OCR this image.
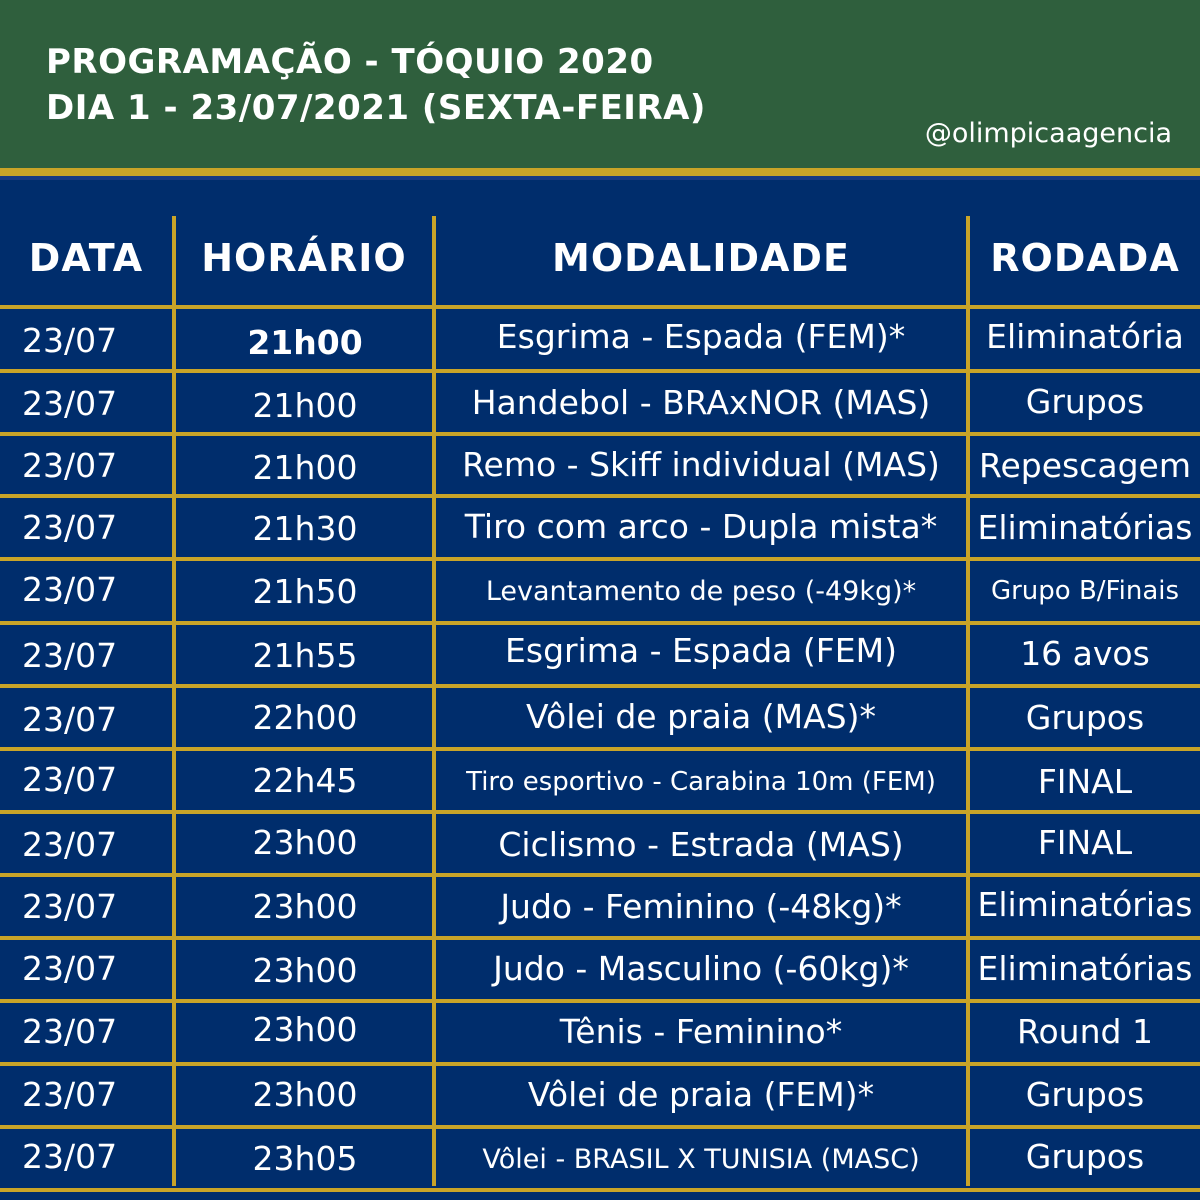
PROGRAMAÇÃO - TÓQUIO 2020
DIA 1 - 23/07/2021 (SEXTA-FEIRA)
@olimpicaagencia
DATA	HORÁRIO	MODALIDADE	RODADA
23/07	21h00	Esgrima - Espada (FEM)*	Eliminatória
23/07	21h00	Handebol - BRAxNOR (MAS)	Grupos
23/07	21h00	Remo - Skiff individual (MAS)	Repescagem
23/07	21h30	Tiro com arco - Dupla mista*	Eliminatórias
23/07	21h50	Levantamento de peso (-49kg)*	Grupo B/Finais
23/07	21h55	Esgrima - Espada (FEM)	16 avos
23/07	22h00	Vôlei de praia (MAS)*	Grupos
23/07	22h45	Tiro esportivo - Carabina 10m (FEM)	FINAL
23/07	23h00	Ciclismo - Estrada (MAS)	FINAL
23/07	23h00	Judo - Feminino (-48kg)*	Eliminatórias
23/07	23h00	Judo - Masculino (-60kg)*	Eliminatórias
23/07	23h00	Tênis - Feminino*	Round 1
23/07	23h00	Vôlei de praia (FEM)*	Grupos
23/07	23h05	Vôlei - BRASIL X TUNISIA (MASC)	Grupos
